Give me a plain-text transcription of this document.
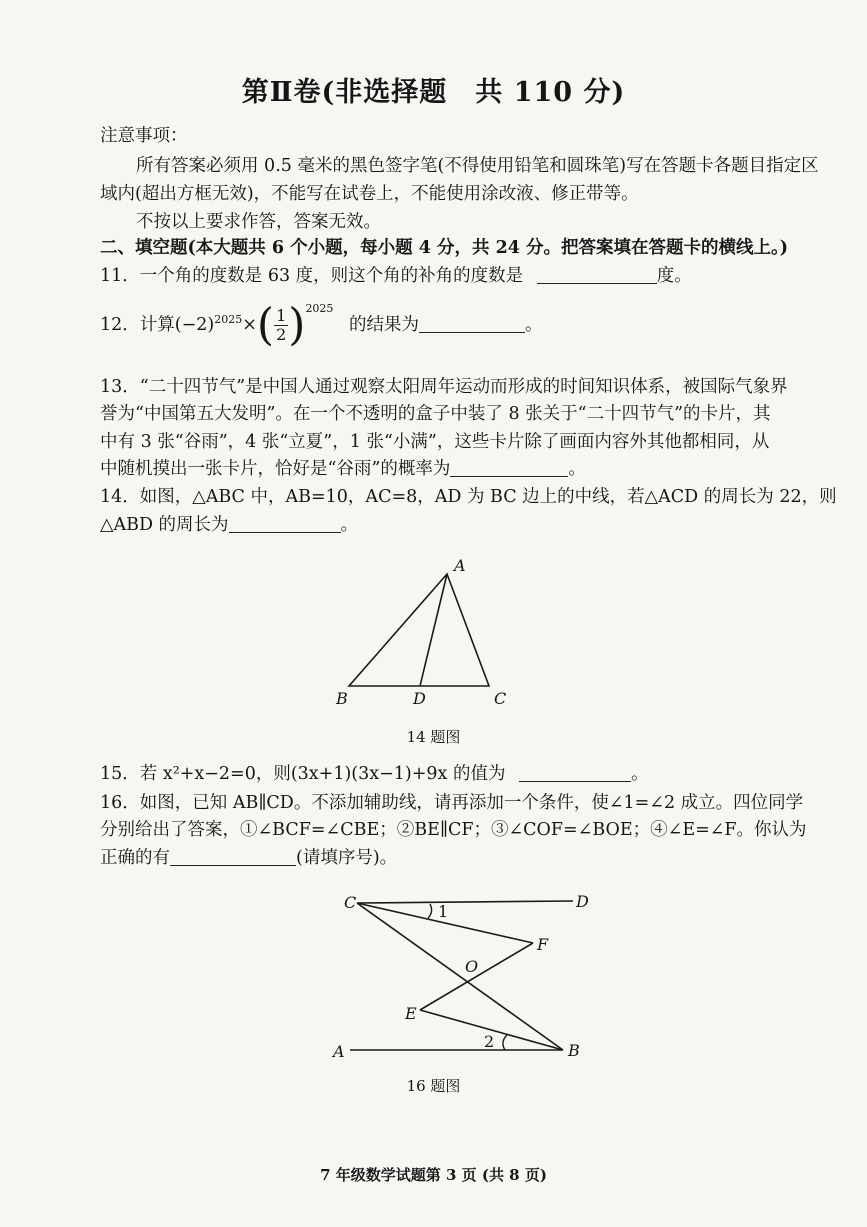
第Ⅱ卷(非选择题　共 110 分)
注意事项：
所有答案必须用 0.5 毫米的黑色签字笔(不得使用铅笔和圆珠笔)写在答题卡各题目指定区
域内(超出方框无效)，不能写在试卷上，不能使用涂改液、修正带等。
不按以上要求作答，答案无效。
二、填空题(本大题共 6 个小题，每小题 4 分，共 24 分。把答案填在答题卡的横线上。)
11．一个角的度数是 63 度，则这个角的补角的度数是	度。
12．计算$(-2)^{2025}\times( \frac{1}{2} )^{2025}$ 的结果为	。
13．“二十四节气”是中国人通过观察太阳周年运动而形成的时间知识体系，被国际气象界
誉为“中国第五大发明”。在一个不透明的盒子中装了 8 张关于“二十四节气”的卡片，其
中有 3 张“谷雨”，4 张“立夏”，1 张“小满”，这些卡片除了画面内容外其他都相同，从
中随机摸出一张卡片，恰好是“谷雨”的概率为	。
14．如图，△ABC 中，AB=10，AC=8，AD 为 BC 边上的中线，若△ACD 的周长为 22，则
△ABD 的周长为	。
A
B	D	C
14 题图
15．若 x²+x−2=0，则(3x+1)(3x−1)+9x 的值为	。
16．如图，已知 AB∥CD。不添加辅助线，请再添加一个条件，使∠1=∠2 成立。四位同学
分别给出了答案，①∠BCF=∠CBE；②BE∥CF；③∠COF=∠BOE；④∠E=∠F。你认为
正确的有	(请填序号)。
C	D
F
O
E
A	B
1
2
16 题图
7 年级数学试题第 3 页 (共 8 页)
